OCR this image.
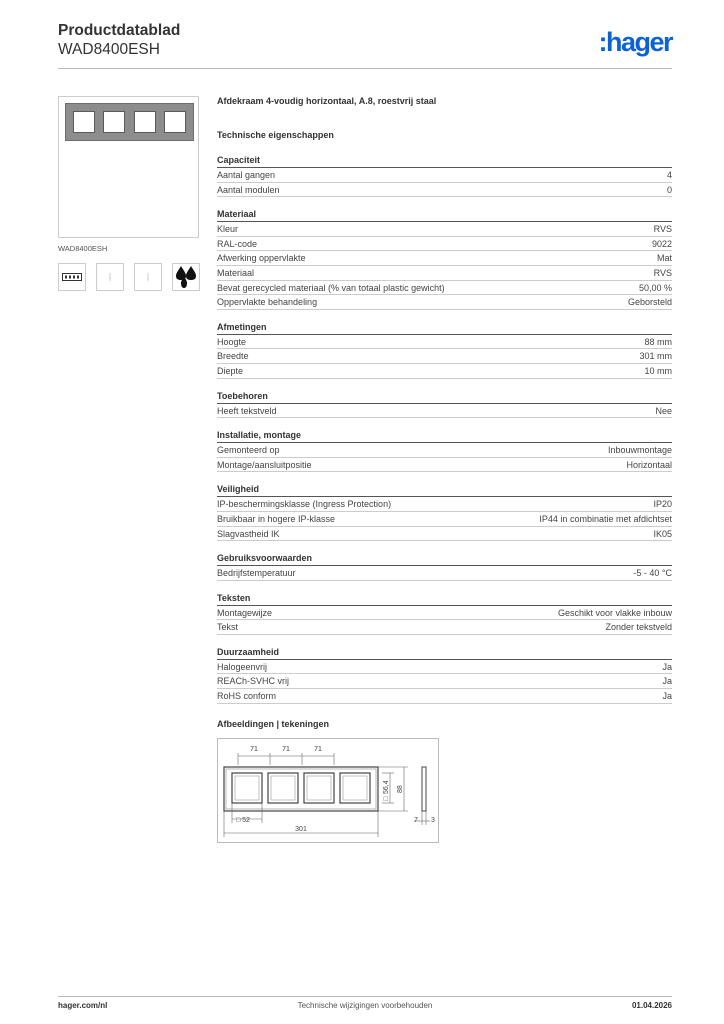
Productdatablad
WAD8400ESH	:hager
WAD8400ESH
Afdekraam 4-voudig horizontaal, A.8, roestvrij staal
Technische eigenschappen
Capaciteit
Aantal gangen	4
Aantal modulen	0
Materiaal
Kleur	RVS
RAL-code	9022
Afwerking oppervlakte	Mat
Materiaal	RVS
Bevat gerecycled materiaal (% van totaal plastic gewicht)	50,00 %
Oppervlakte behandeling	Geborsteld
Afmetingen
Hoogte	88 mm
Breedte	301 mm
Diepte	10 mm
Toebehoren
Heeft tekstveld	Nee
Installatie, montage
Gemonteerd op	Inbouwmontage
Montage/aansluitpositie	Horizontaal
Veiligheid
IP-beschermingsklasse (Ingress Protection)	IP20
Bruikbaar in hogere IP-klasse	IP44 in combinatie met afdichtset
Slagvastheid IK	IK05
Gebruiksvoorwaarden
Bedrijfstemperatuur	-5 - 40 °C
Teksten
Montagewijze	Geschikt voor vlakke inbouw
Tekst	Zonder tekstveld
Duurzaamheid
Halogeenvrij	Ja
REACh-SVHC vrij	Ja
RoHS conform	Ja
Afbeeldingen | tekeningen
71	71	71
□
56,4 88
7 3
□ 52
301
hager.com/nl	Technische wijzigingen voorbehouden	01.04.2026
